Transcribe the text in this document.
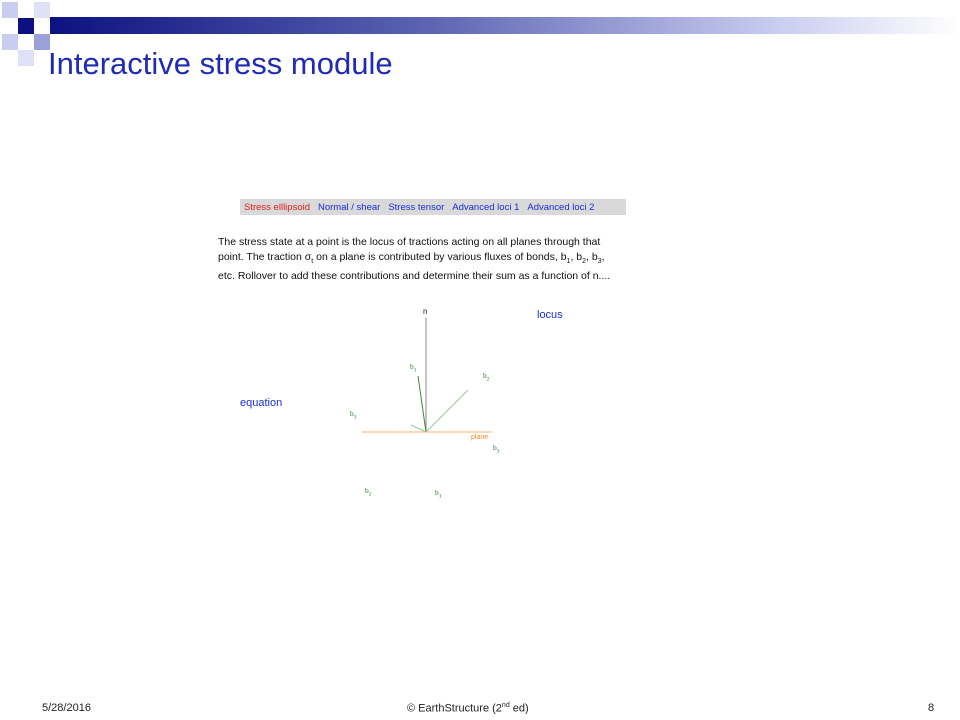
Interactive stress module
Stress elllipsoid Normal / shear Stress tensor Advanced loci 1 Advanced loci 2
The stress state at a point is the locus of tractions acting on all planes through that
point. The traction $\sigma_t$ on a plane is contributed by various fluxes of bonds, $b_1$, $b_2$, $b_3$,
etc. Rollover to add these contributions and determine their sum as a function of n....
locus
equation
n
$b_1$
$b_2$
$b_3$
plane
$b_3$
$b_2$	$b_1$
5/28/2016	© EarthStructure (2nd ed)	8
